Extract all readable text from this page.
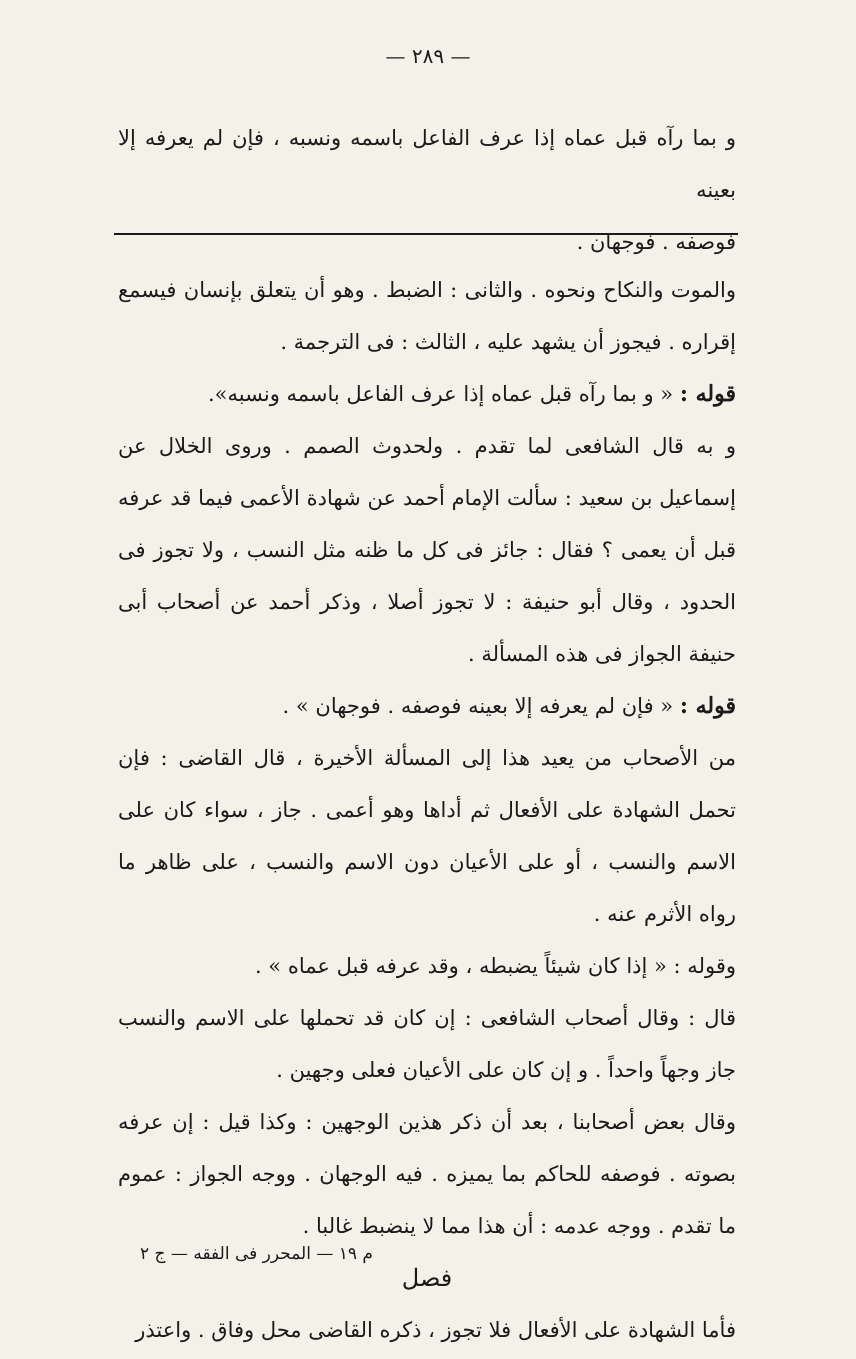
— ٢٨٩ —

و بما رآه قبل عماه إذا عرف الفاعل باسمه ونسبه ، فإن لم يعرفه إلا بعينه

فوصفه . فوجهان .

والموت والنكاح ونحوه . والثانى : الضبط . وهو أن يتعلق بإنسان فيسمع إقراره . فيجوز أن يشهد عليه ، الثالث : فى الترجمة .

قوله : « و بما رآه قبل عماه إذا عرف الفاعل باسمه ونسبه».

و به قال الشافعى لما تقدم . ولحدوث الصمم . وروى الخلال عن إسماعيل بن سعيد : سألت الإمام أحمد عن شهادة الأعمى فيما قد عرفه قبل أن يعمى ؟ فقال : جائز فى كل ما ظنه مثل النسب ، ولا تجوز فى الحدود ، وقال أبو حنيفة : لا تجوز أصلا ، وذكر أحمد عن أصحاب أبى حنيفة الجواز فى هذه المسألة .

قوله : « فإن لم يعرفه إلا بعينه فوصفه . فوجهان » .

من الأصحاب من يعيد هذا إلى المسألة الأخيرة ، قال القاضى : فإن تحمل الشهادة على الأفعال ثم أداها وهو أعمى . جاز ، سواء كان على الاسم والنسب ، أو على الأعيان دون الاسم والنسب ، على ظاهر ما رواه الأثرم عنه .

وقوله : « إذا كان شيئاً يضبطه ، وقد عرفه قبل عماه » .

قال : وقال أصحاب الشافعى : إن كان قد تحملها على الاسم والنسب جاز وجهاً واحداً . و إن كان على الأعيان فعلى وجهين .

وقال بعض أصحابنا ، بعد أن ذكر هذين الوجهين : وكذا قيل : إن عرفه بصوته . فوصفه للحاكم بما يميزه . فيه الوجهان . ووجه الجواز : عموم ما تقدم . ووجه عدمه : أن هذا مما لا ينضبط غالبا .

فصل

فأما الشهادة على الأفعال فلا تجوز ، ذكره القاضى محل وفاق . واعتذر

م ١٩ — المحرر فى الفقه — ج ٢
